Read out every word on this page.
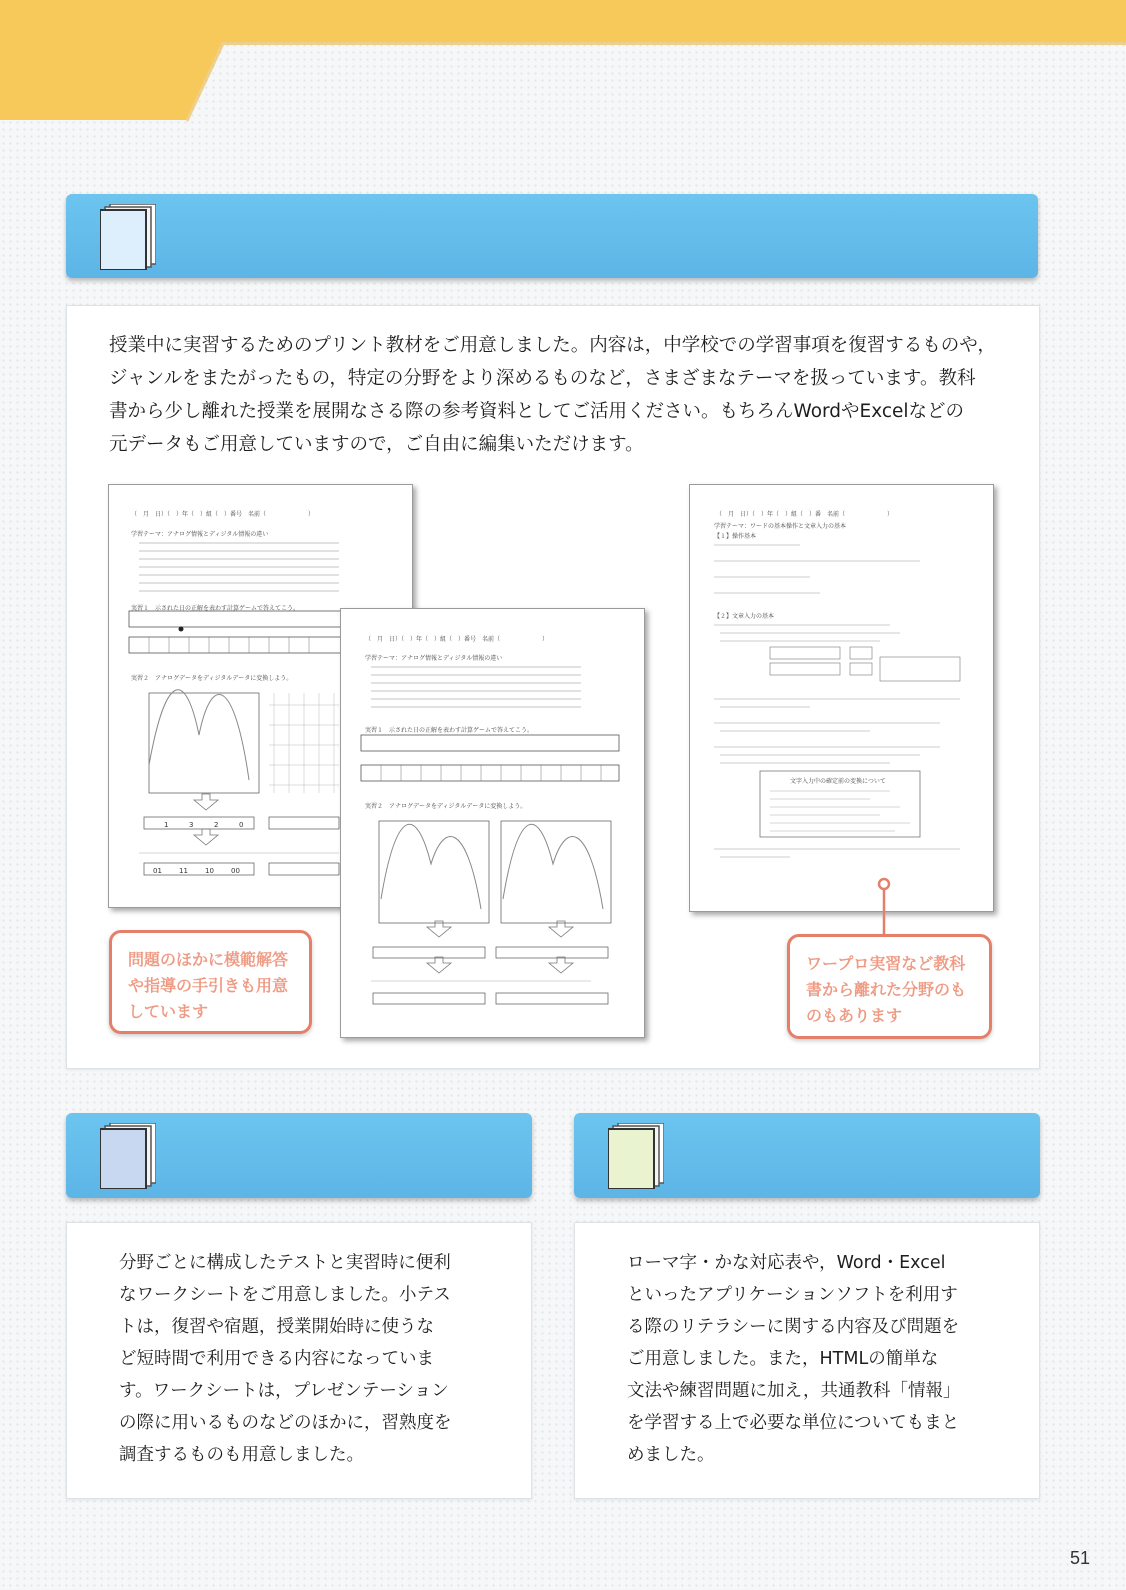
授業中に実習するためのプリント教材をご用意しました。内容は，中学校での学習事項を復習するものや，
ジャンルをまたがったもの，特定の分野をより深めるものなど，さまざまなテーマを扱っています。教科
書から少し離れた授業を展開なさる際の参考資料としてご活用ください。もちろんWordやExcelなどの
元データもご用意していますので，ご自由に編集いただけます。
（　月　日）（　）年（　）組（　）番号　名前（　　　　　　　）
学習テーマ：アナログ情報とディジタル情報の違い
実習１　示された日の正解を表わす計算ゲームで答えてこう。
実習２　アナログデータをディジタルデータに変換しよう。
1	3	2	0
01 11 10 00
（　月　日）（　）年（　）組（　）番号　名前（　　　　　　　）
学習テーマ：アナログ情報とディジタル情報の違い
実習１　示された日の正解を表わす計算ゲームで答えてこう。
実習２　アナログデータをディジタルデータに変換しよう。
（　月　日）（　）年（　）組（　）番　名前（　　　　　　　）
学習テーマ：ワードの基本操作と文章入力の基本
【１】操作基本
【２】文章入力の基本
文字入力中の確定前の変換について
問題のほかに模範解答や指導の手引きも用意しています
ワープロ実習など教科書から離れた分野のものもあります
分野ごとに構成したテストと実習時に便利
なワークシートをご用意しました。小テス
トは，復習や宿題，授業開始時に使うな
ど短時間で利用できる内容になっていま
す。ワークシートは，プレゼンテーション
の際に用いるものなどのほかに，習熟度を
調査するものも用意しました。
ローマ字・かな対応表や，Word・Excel
といったアプリケーションソフトを利用す
る際のリテラシーに関する内容及び問題を
ご用意しました。また，HTMLの簡単な
文法や練習問題に加え，共通教科「情報」
を学習する上で必要な単位についてもまと
めました。
51
